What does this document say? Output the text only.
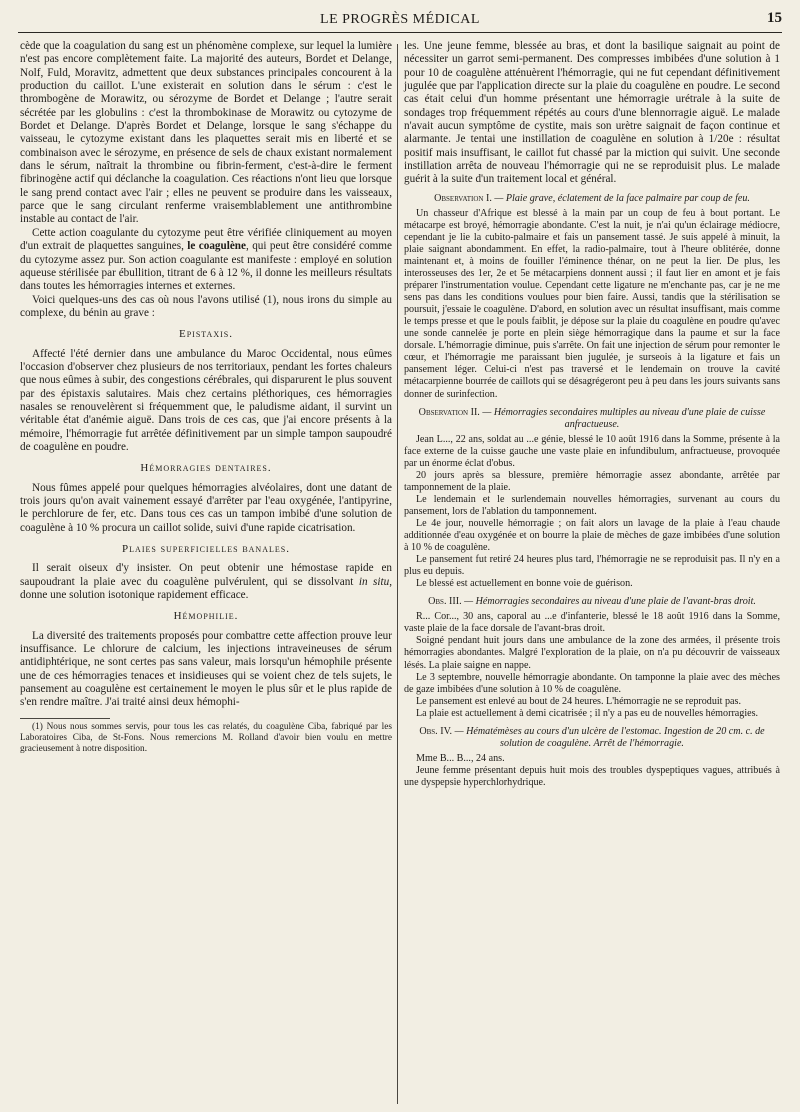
LE PROGRÈS MÉDICAL	15

cède que la coagulation du sang est un phénomène complexe, sur lequel la lumière n'est pas encore complètement faite. La majorité des auteurs, Bordet et Delange, Nolf, Fuld, Moravitz, admettent que deux substances principales concourent à la production du caillot. L'une existerait en solution dans le sérum : c'est le thrombogène de Morawitz, ou sérozyme de Bordet et Delange ; l'autre serait sécrétée par les globulins : c'est la thrombokinase de Morawitz ou cytozyme de Bordet et Delange. D'après Bordet et Delange, lorsque le sang s'échappe du vaisseau, le cytozyme existant dans les plaquettes serait mis en liberté et se combinaison avec le sérozyme, en présence de sels de chaux existant normalement dans le sérum, naîtrait la thrombine ou fibrin-ferment, c'est-à-dire le ferment fibrinogène actif qui déclanche la coagulation. Ces réactions n'ont lieu que lorsque le sang prend contact avec l'air ; elles ne peuvent se produire dans les vaisseaux, parce que le sang circulant renferme vraisemblablement une antithrombine instable au contact de l'air.

Cette action coagulante du cytozyme peut être vérifiée cliniquement au moyen d'un extrait de plaquettes sanguines, le coagulène, qui peut être considéré comme du cytozyme assez pur. Son action coagulante est manifeste : employé en solution aqueuse stérilisée par ébullition, titrant de 6 à 12 %, il donne les meilleurs résultats dans toutes les hémorragies internes et externes.

Voici quelques-uns des cas où nous l'avons utilisé (1), nous irons du simple au complexe, du bénin au grave :

Epistaxis.

Affecté l'été dernier dans une ambulance du Maroc Occidental, nous eûmes l'occasion d'observer chez plusieurs de nos territoriaux, pendant les fortes chaleurs que nous eûmes à subir, des congestions cérébrales, qui disparurent le plus souvent par des épistaxis salutaires. Mais chez certains pléthoriques, ces hémorragies nasales se renouvelèrent si fréquemment que, le paludisme aidant, il survint un véritable état d'anémie aiguë. Dans trois de ces cas, que j'ai encore présents à la mémoire, l'hémorragie fut arrêtée définitivement par un simple tampon saupoudré de coagulène en poudre.

Hémorragies dentaires.

Nous fûmes appelé pour quelques hémorragies alvéolaires, dont une datant de trois jours qu'on avait vainement essayé d'arrêter par l'eau oxygénée, l'antipyrine, le perchlorure de fer, etc. Dans tous ces cas un tampon imbibé d'une solution de coagulène à 10 % procura un caillot solide, suivi d'une rapide cicatrisation.

Plaies superficielles banales.

Il serait oiseux d'y insister. On peut obtenir une hémostase rapide en saupoudrant la plaie avec du coagulène pulvérulent, qui se dissolvant in situ, donne une solution isotonique rapidement efficace.

Hémophilie.

La diversité des traitements proposés pour combattre cette affection prouve leur insuffisance. Le chlorure de calcium, les injections intraveineuses de sérum antidiphtérique, ne sont certes pas sans valeur, mais lorsqu'un hémophile présente une de ces hémorragies tenaces et insidieuses qui se voient chez de tels sujets, le pansement au coagulène est certainement le moyen le plus sûr et le plus rapide de s'en rendre maître. J'ai traité ainsi deux hémophi-

(1) Nous nous sommes servis, pour tous les cas relatés, du coagulène Ciba, fabriqué par les Laboratoires Ciba, de St-Fons. Nous remercions M. Rolland d'avoir bien voulu en mettre gracieusement à notre disposition.

les. Une jeune femme, blessée au bras, et dont la basilique saignait au point de nécessiter un garrot semi-permanent. Des compresses imbibées d'une solution à 1 pour 10 de coagulène atténuèrent l'hémorragie, qui ne fut cependant définitivement jugulée que par l'application directe sur la plaie du coagulène en poudre. Le second cas était celui d'un homme présentant une hémorragie urétrale à la suite de sondages trop fréquemment répétés au cours d'une blennorragie aiguë. Le malade n'avait aucun symptôme de cystite, mais son urètre saignait de façon continue et alarmante. Je tentai une instillation de coagulène en solution à 1/20e : résultat positif mais insuffisant, le caillot fut chassé par la miction qui suivit. Une seconde instillation arrêta de nouveau l'hémorragie qui ne se reproduisit plus. Le malade guérit à la suite d'un traitement local et général.

Observation I. — Plaie grave, éclatement de la face palmaire par coup de feu.

Un chasseur d'Afrique est blessé à la main par un coup de feu à bout portant. Le métacarpe est broyé, hémorragie abondante. C'est la nuit, je n'ai qu'un éclairage médiocre, cependant je lie la cubito-palmaire et fais un pansement tassé. Je suis appelé à minuit, la plaie saignant abondamment. En effet, la radio-palmaire, tout à l'heure oblitérée, donne maintenant et, à moins de fouiller l'éminence thénar, on ne peut la lier. De plus, les interosseuses des 1er, 2e et 5e métacarpiens donnent aussi ; il faut lier en amont et je fais préparer l'instrumentation voulue. Cependant cette ligature ne m'enchante pas, car je ne me sens pas dans les conditions voulues pour bien faire. Aussi, tandis que la stérilisation se poursuit, j'essaie le coagulène. D'abord, en solution avec un résultat insuffisant, mais comme le temps presse et que le pouls faiblit, je dépose sur la plaie du coagulène en poudre qu'avec une sonde cannelée je porte en plein siège hémorragique dans la paume et sur la face dorsale. L'hémorragie diminue, puis s'arrête. On fait une injection de sérum pour remonter le cœur, et l'hémorragie me paraissant bien jugulée, je surseois à la ligature et fais un pansement léger. Celui-ci n'est pas traversé et le lendemain on trouve la cavité métacarpienne bourrée de caillots qui se désagrégeront peu à peu dans les jours suivants sans donner de surinfection.

Observation II. — Hémorragies secondaires multiples au niveau d'une plaie de cuisse anfractueuse.

Jean L..., 22 ans, soldat au ...e génie, blessé le 10 août 1916 dans la Somme, présente à la face externe de la cuisse gauche une vaste plaie en infundibulum, anfractueuse, provoquée par un énorme éclat d'obus.

20 jours après sa blessure, première hémorragie assez abondante, arrêtée par tamponnement de la plaie.

Le lendemain et le surlendemain nouvelles hémorragies, survenant au cours du pansement, lors de l'ablation du tamponnement.

Le 4e jour, nouvelle hémorragie ; on fait alors un lavage de la plaie à l'eau chaude additionnée d'eau oxygénée et on bourre la plaie de mèches de gaze imbibées d'une solution à 10 % de coagulène.

Le pansement fut retiré 24 heures plus tard, l'hémorragie ne se reproduisit pas. Il n'y en a plus eu depuis.

Le blessé est actuellement en bonne voie de guérison.

Obs. III. — Hémorragies secondaires au niveau d'une plaie de l'avant-bras droit.

R... Cor..., 30 ans, caporal au ...e d'infanterie, blessé le 18 août 1916 dans la Somme, vaste plaie de la face dorsale de l'avant-bras droit.

Soigné pendant huit jours dans une ambulance de la zone des armées, il présente trois hémorragies abondantes. Malgré l'exploration de la plaie, on n'a pu découvrir de vaisseaux lésés. La plaie saigne en nappe.

Le 3 septembre, nouvelle hémorragie abondante. On tamponne la plaie avec des mèches de gaze imbibées d'une solution à 10 % de coagulène.

Le pansement est enlevé au bout de 24 heures. L'hémorragie ne se reproduit pas.

La plaie est actuellement à demi cicatrisée ; il n'y a pas eu de nouvelles hémorragies.

Obs. IV. — Hématémèses au cours d'un ulcère de l'estomac. Ingestion de 20 cm. c. de solution de coagulène. Arrêt de l'hémorragie.

Mme B... B..., 24 ans.

Jeune femme présentant depuis huit mois des troubles dyspeptiques vagues, attribués à une dyspepsie hyperchlorhydrique.
